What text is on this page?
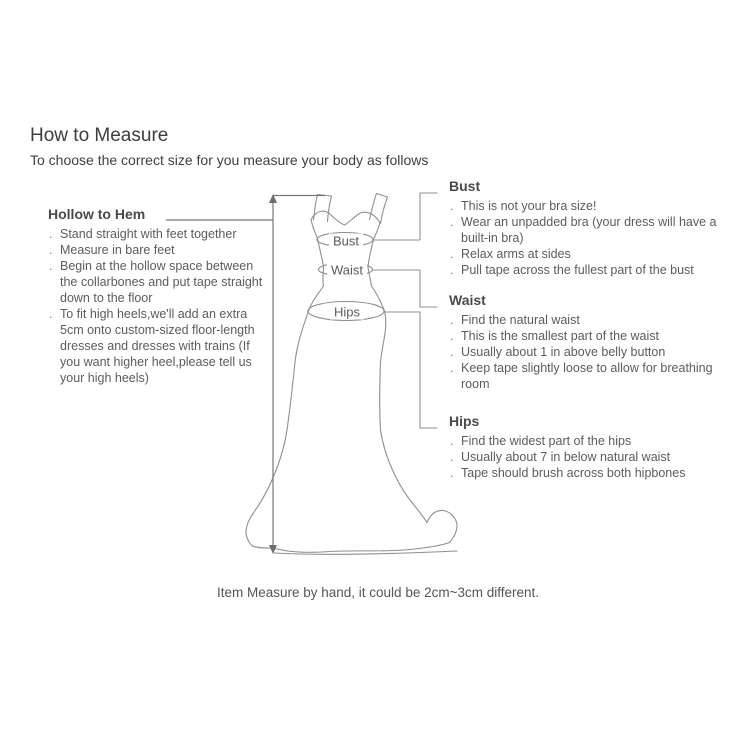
How to Measure
To choose the correct size for you measure your body as follows
Bust
Waist
Hips
Hollow to Hem
. Stand straight with feet together
. Measure in bare feet
. Begin at the hollow space between the collarbones and put tape straight down to the floor
. To fit high heels,we'll add an extra 5cm onto custom-sized floor-length dresses and dresses with trains (If you want higher heel,please tell us your high heels)
Bust
. This is not your bra size!
. Wear an unpadded bra (your dress will have a built-in bra)
. Relax arms at sides
. Pull tape across the fullest part of the bust
Waist
. Find the natural waist
. This is the smallest part of the waist
. Usually about 1 in above belly button
. Keep tape slightly loose to allow for breathing room
Hips
. Find the widest part of the hips
. Usually about 7 in below natural waist
. Tape should brush across both hipbones
Item Measure by hand, it could be 2cm~3cm different.
